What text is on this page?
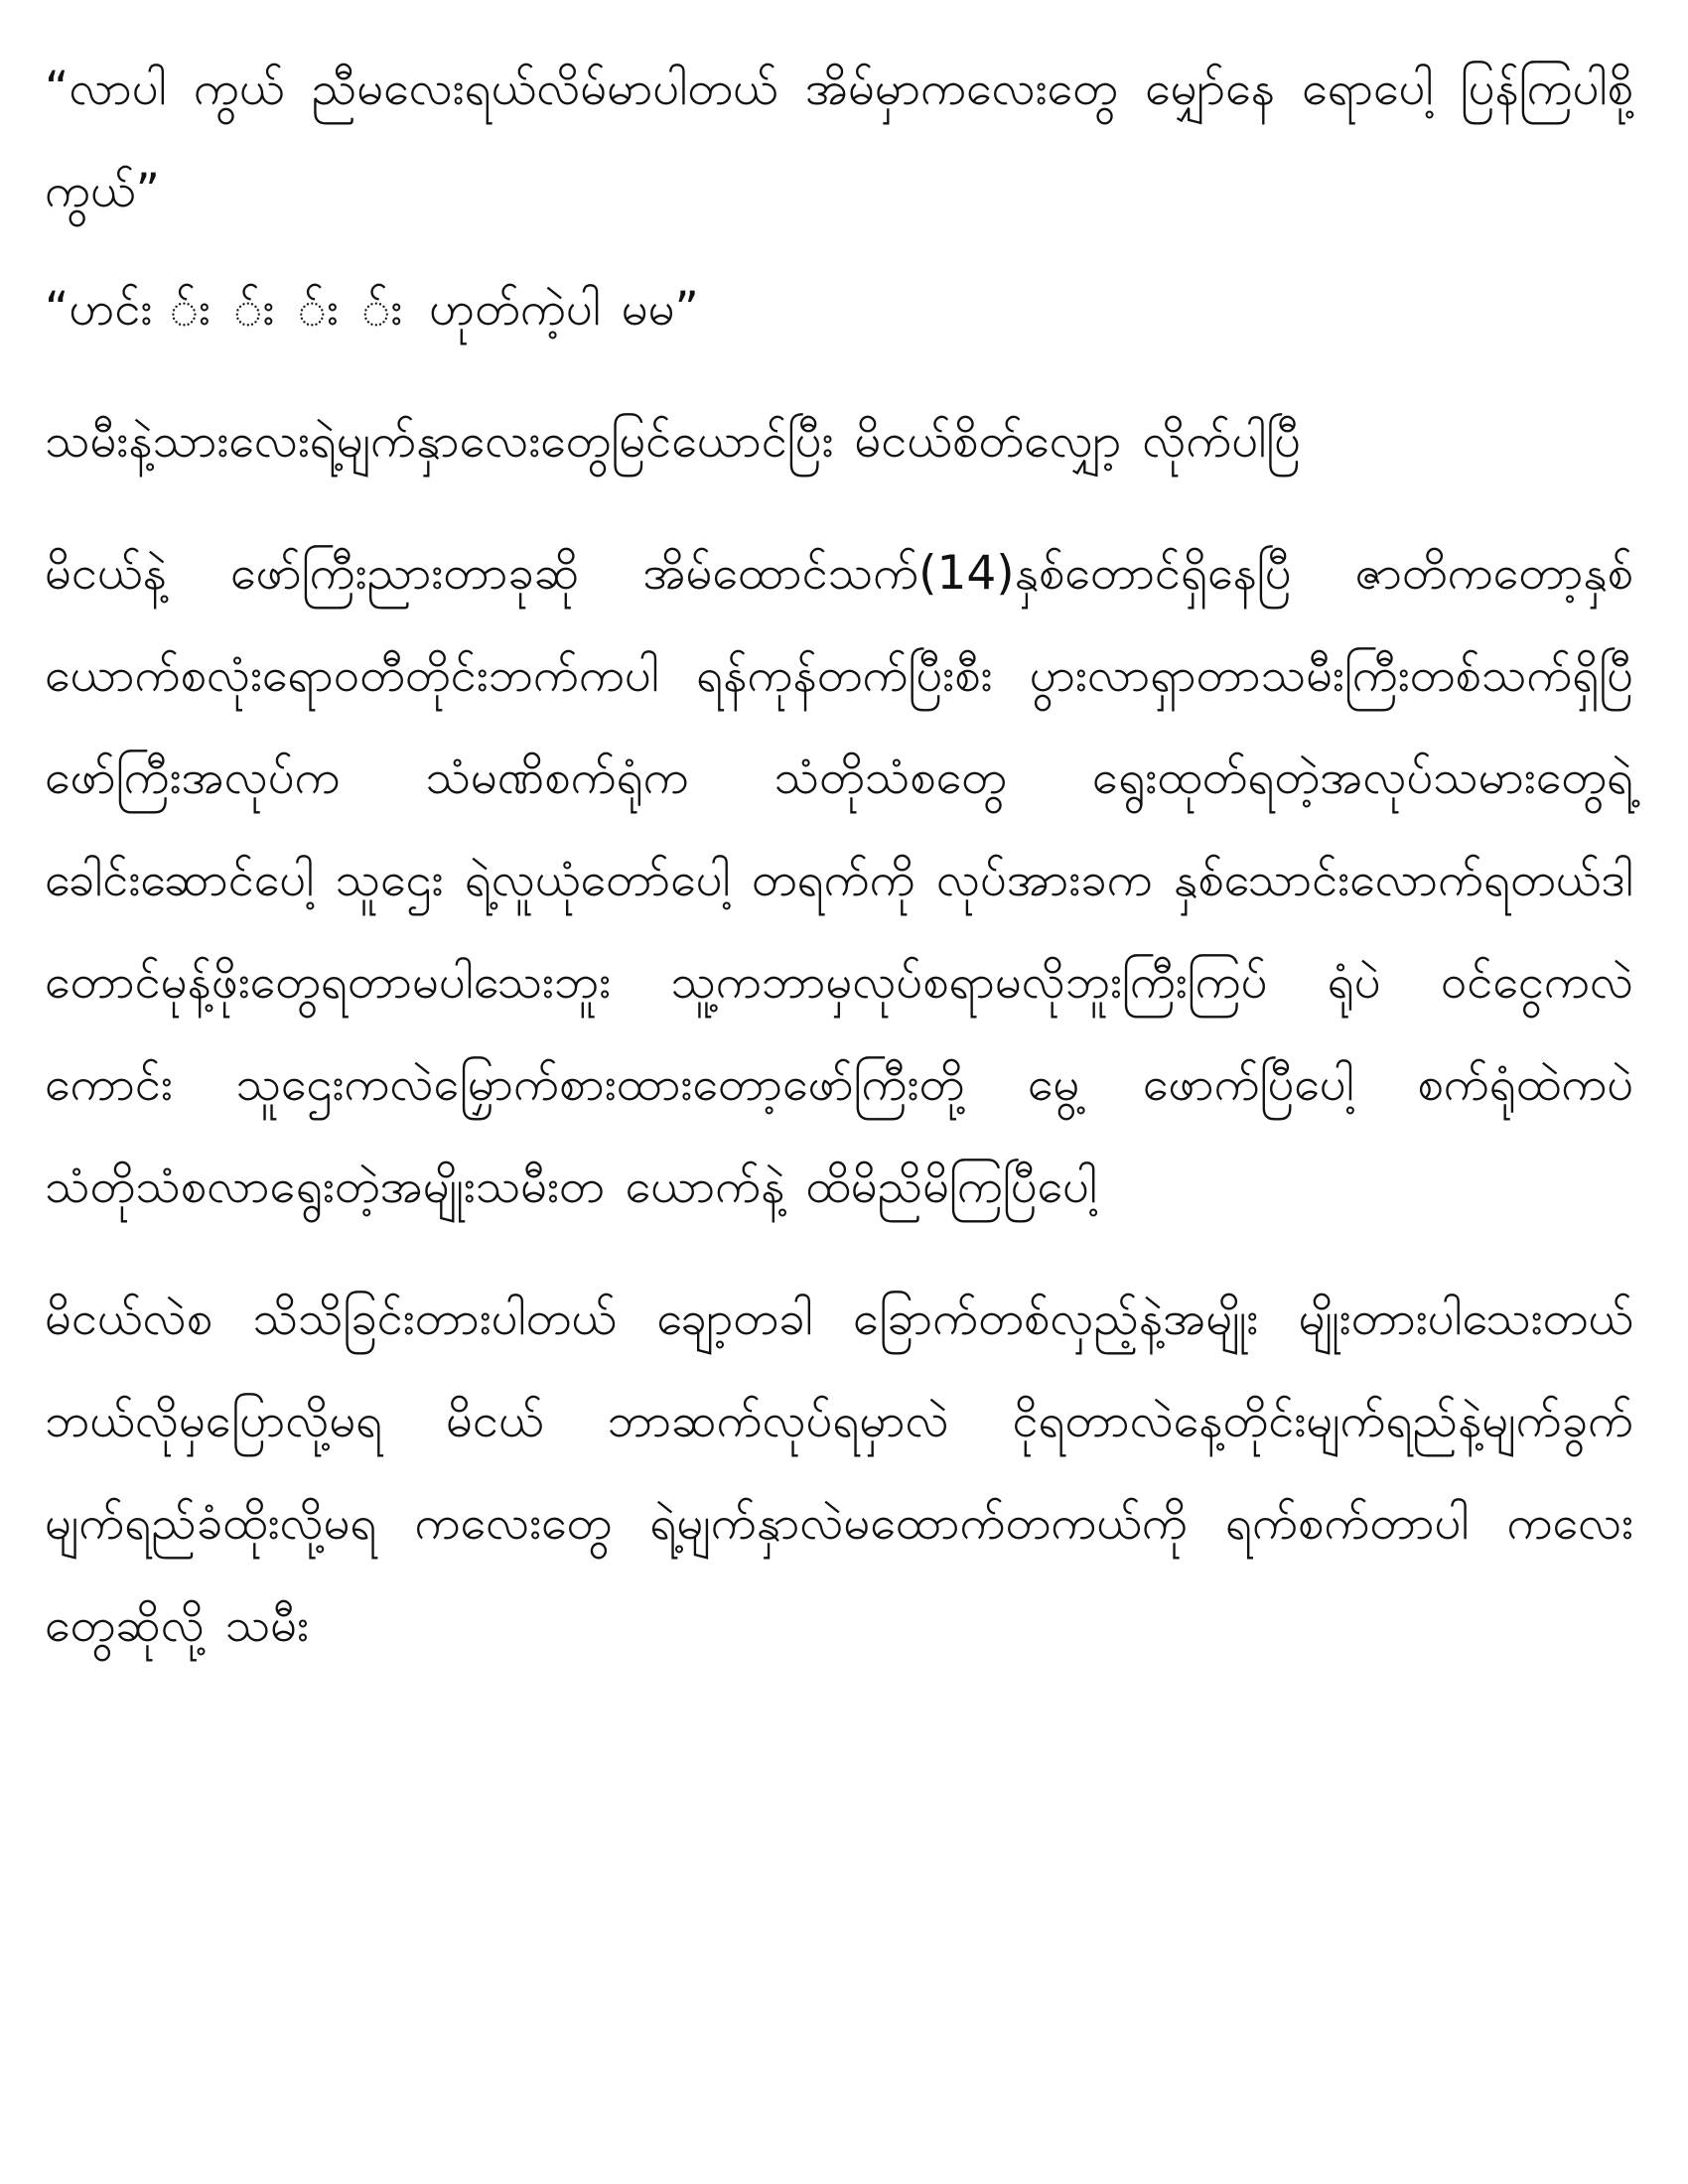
“လာပါ ကွယ် ညီမလေးရယ်လိမ်မာပါတယ် အိမ်မှာကလေးတွေ မျှော်နေ ရောပေါ့ ပြန်ကြပါစို့ကွယ်”

“ဟင်း ်း ်း ်း ်း ဟုတ်ကဲ့ပါ မမ”

သမီးနဲ့သားလေးရဲ့မျက်နှာလေးတွေမြင်ယောင်ပြီး မိငယ်စိတ်လျှော့ လိုက်ပါပြီ

မိငယ်နဲ့ ဖော်ကြီးညားတာခုဆို အိမ်ထောင်သက်(14)နှစ်တောင်ရှိနေပြီ ဇာတိကတော့နှစ်ယောက်စလုံးရောဝတီတိုင်းဘက်ကပါ ရန်ကုန်တက်ပြီးစီး ပွားလာရှာတာသမီးကြီးတစ်သက်ရှိပြီ ဖော်ကြီးအလုပ်က သံမဏိစက်ရုံက သံတိုသံစတွေ ရွေးထုတ်ရတဲ့အလုပ်သမားတွေရဲ့ခေါင်းဆောင်ပေါ့ သူဌေး ရဲ့လူယုံတော်ပေါ့ တရက်ကို လုပ်အားခက နှစ်သောင်းလောက်ရတယ်ဒါ တောင်မုန့်ဖိုးတွေရတာမပါသေးဘူး သူ့ကဘာမှလုပ်စရာမလိုဘူးကြီးကြပ် ရုံပဲ ဝင်ငွေကလဲကောင်း သူဌေးကလဲမြှောက်စားထားတော့ဖော်ကြီးတို့ မွေ့ ဖောက်ပြီပေါ့ စက်ရုံထဲကပဲ သံတိုသံစလာရွေးတဲ့အမျိုးသမီးတ ယောက်နဲ့ ထိမိညိမိကြပြီပေါ့

မိငယ်လဲစ သိသိခြင်းတားပါတယ် ချော့တခါ ခြောက်တစ်လှည့်နဲ့အမျိုး မျိုးတားပါသေးတယ် ဘယ်လိုမှပြောလို့မရ မိငယ် ဘာဆက်လုပ်ရမှာလဲ ငိုရတာလဲနေ့တိုင်းမျက်ရည်နဲ့မျက်ခွက် မျက်ရည်ခံထိုးလို့မရ ကလေးတွေ ရဲ့မျက်နှာလဲမထောက်တကယ်ကို ရက်စက်တာပါ ကလေးတွေဆိုလို့ သမီး
